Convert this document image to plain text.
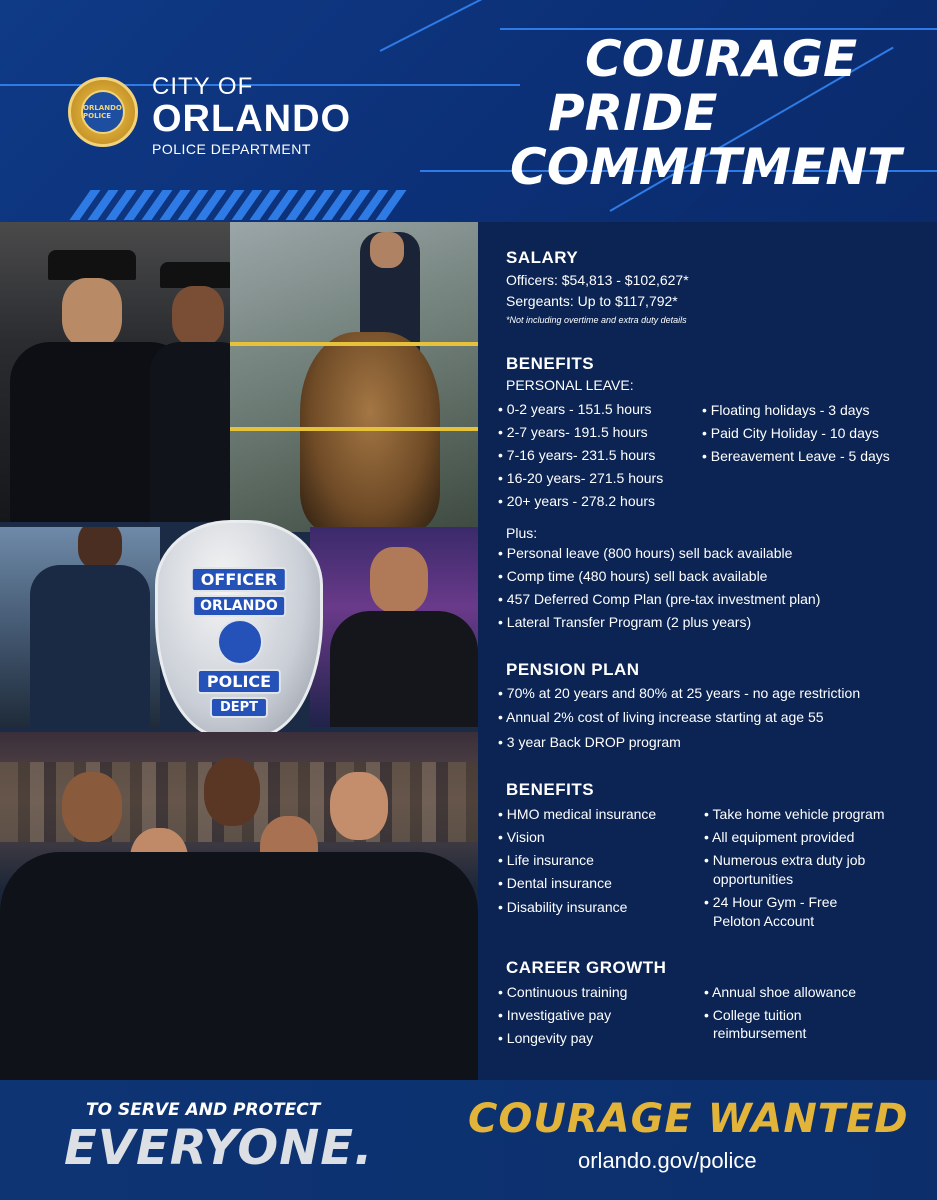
ORLANDO POLICE
CITY OF
ORLANDO
POLICE DEPARTMENT
COURAGE
PRIDE
COMMITMENT
OFFICER
ORLANDO
POLICE
DEPT
SALARY
Officers: $54,813 - $102,627*
Sergeants: Up to $117,792*
*Not including overtime and extra duty details
BENEFITS
PERSONAL LEAVE:
• 0-2 years - 151.5 hours
• 2-7 years- 191.5 hours
• 7-16 years- 231.5 hours
• 16-20 years- 271.5 hours
• 20+ years - 278.2 hours
• Floating holidays - 3 days
• Paid City Holiday - 10 days
• Bereavement Leave - 5 days
Plus:
• Personal leave (800 hours) sell back available
• Comp time (480 hours) sell back available
• 457 Deferred Comp Plan (pre-tax investment plan)
• Lateral Transfer Program (2 plus years)
PENSION PLAN
• 70% at 20 years and 80% at 25 years - no age restriction
• Annual 2% cost of living increase starting at age 55
• 3 year Back DROP program
BENEFITS
• HMO medical insurance
• Vision
• Life insurance
• Dental insurance
• Disability insurance
• Take home vehicle program
• All equipment provided
• Numerous extra duty job
opportunities
• 24 Hour Gym - Free
Peloton Account
CAREER GROWTH
• Continuous training
• Investigative pay
• Longevity pay
• Annual shoe allowance
• College tuition
reimbursement
TO SERVE AND PROTECT
EVERYONE.
COURAGE WANTED
orlando.gov/police
